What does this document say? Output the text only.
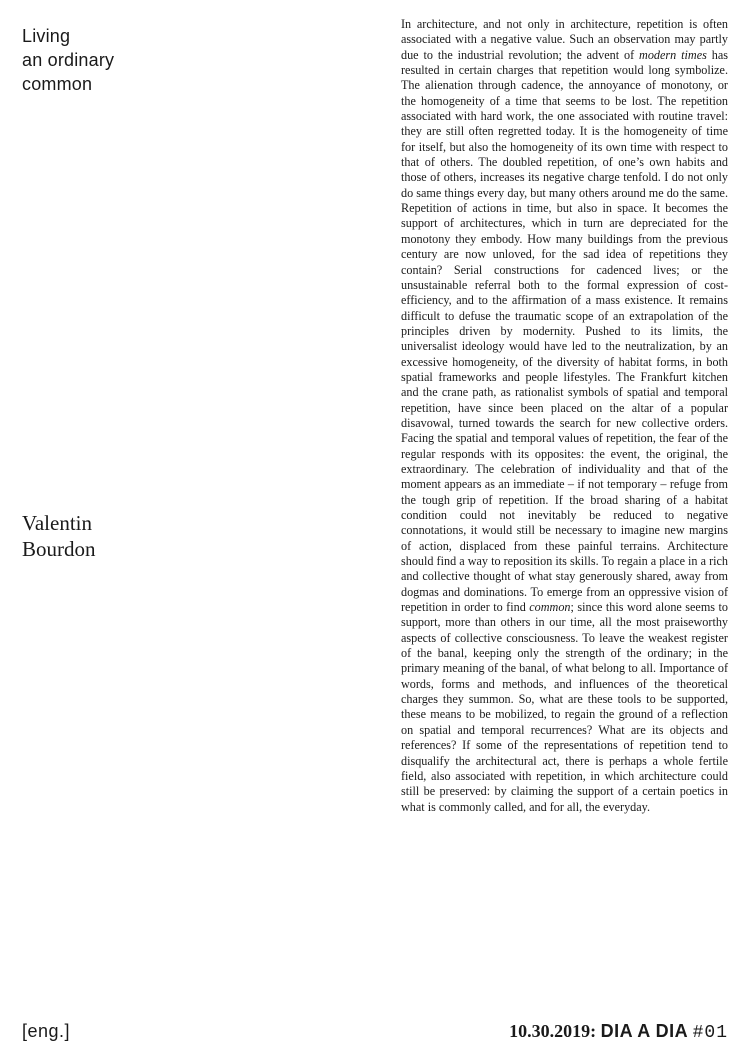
Living
an ordinary
common
Valentin
Bourdon
In architecture, and not only in architecture, repetition is often associated with a negative value. Such an observation may partly due to the industrial revolution; the advent of modern times has resulted in certain charges that repetition would long symbolize. The alienation through cadence, the annoyance of monotony, or the homogeneity of a time that seems to be lost. The repetition associated with hard work, the one associated with routine travel: they are still often regretted today. It is the homogeneity of time for itself, but also the homogeneity of its own time with respect to that of others. The doubled repetition, of one’s own habits and those of others, increases its negative charge tenfold. I do not only do same things every day, but many others around me do the same. Repetition of actions in time, but also in space. It becomes the support of architectures, which in turn are depreciated for the monotony they embody. How many buildings from the previous century are now unloved, for the sad idea of repetitions they contain? Serial constructions for cadenced lives; or the unsustainable referral both to the formal expression of cost-efficiency, and to the affirmation of a mass existence. It remains difficult to defuse the traumatic scope of an extrapolation of the principles driven by modernity. Pushed to its limits, the universalist ideology would have led to the neutralization, by an excessive homogeneity, of the diversity of habitat forms, in both spatial frameworks and people lifestyles. The Frankfurt kitchen and the crane path, as rationalist symbols of spatial and temporal repetition, have since been placed on the altar of a popular disavowal, turned towards the search for new collective orders. Facing the spatial and temporal values of repetition, the fear of the regular responds with its opposites: the event, the original, the extraordinary. The celebration of individuality and that of the moment appears as an immediate – if not temporary – refuge from the tough grip of repetition. If the broad sharing of a habitat condition could not inevitably be reduced to negative connotations, it would still be necessary to imagine new margins of action, displaced from these painful terrains. Architecture should find a way to reposition its skills. To regain a place in a rich and collective thought of what stay generously shared, away from dogmas and dominations. To emerge from an oppressive vision of repetition in order to find common; since this word alone seems to support, more than others in our time, all the most praiseworthy aspects of collective consciousness. To leave the weakest register of the banal, keeping only the strength of the ordinary; in the primary meaning of the banal, of what belong to all. Importance of words, forms and methods, and influences of the theoretical charges they summon. So, what are these tools to be supported, these means to be mobilized, to regain the ground of a reflection on spatial and temporal recurrences? What are its objects and references? If some of the representations of repetition tend to disqualify the architectural act, there is perhaps a whole fertile field, also associated with repetition, in which architecture could still be preserved: by claiming the support of a certain poetics in what is commonly called, and for all, the everyday.
[eng.]	10.30.2019: DIA A DIA #01
